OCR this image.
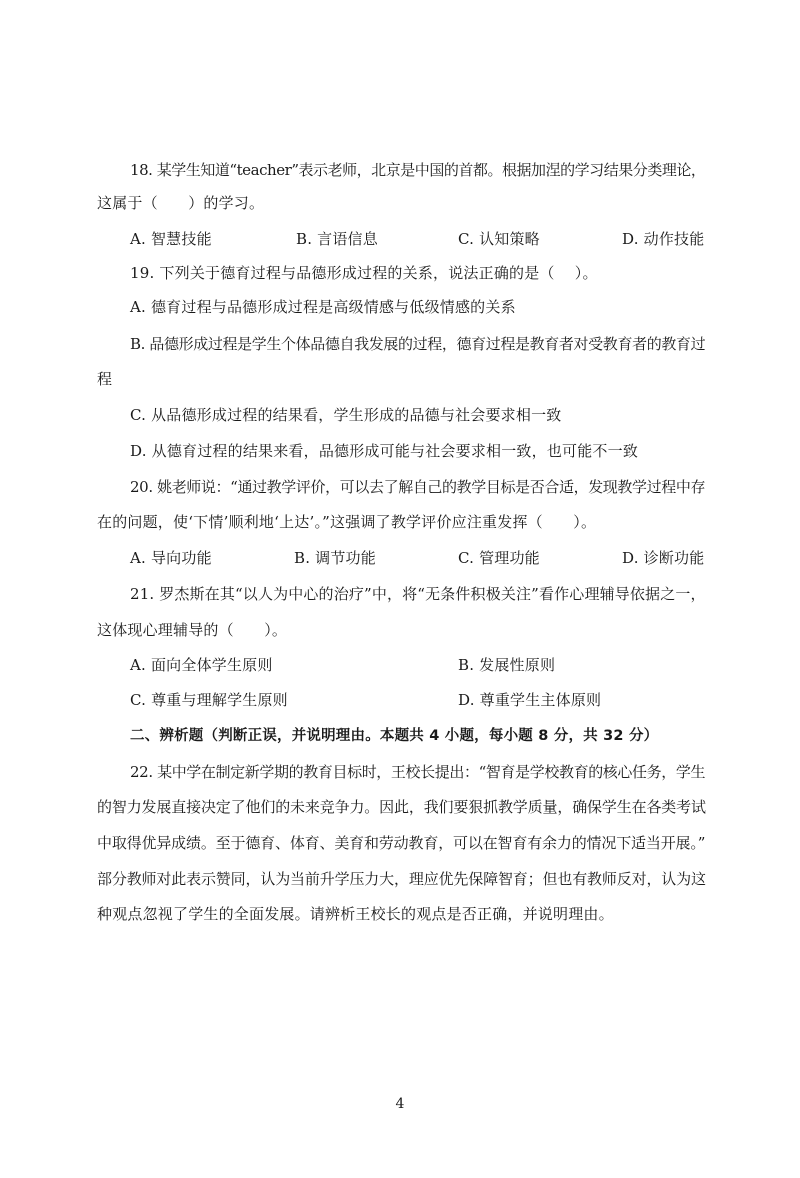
18. 某学生知道“teacher”表示老师，北京是中国的首都。根据加涅的学习结果分类理论，
这属于（　　）的学习。
A. 智慧技能	B. 言语信息	C. 认知策略	D. 动作技能
19. 下列关于德育过程与品德形成过程的关系，说法正确的是（ 　）。
A. 德育过程与品德形成过程是高级情感与低级情感的关系
B. 品德形成过程是学生个体品德自我发展的过程，德育过程是教育者对受教育者的教育过
程
C. 从品德形成过程的结果看，学生形成的品德与社会要求相一致
D. 从德育过程的结果来看，品德形成可能与社会要求相一致，也可能不一致
20. 姚老师说：“通过教学评价，可以去了解自己的教学目标是否合适，发现教学过程中存
在的问题，使‘下情’顺利地‘上达’。”这强调了教学评价应注重发挥（　　）。
A. 导向功能	B. 调节功能	C. 管理功能	D. 诊断功能
21. 罗杰斯在其“以人为中心的治疗”中，将“无条件积极关注”看作心理辅导依据之一，
这体现心理辅导的（　　）。
A. 面向全体学生原则	B. 发展性原则
C. 尊重与理解学生原则	D. 尊重学生主体原则
二、辨析题（判断正误，并说明理由。本题共 4 小题，每小题 8 分，共 32 分）
22. 某中学在制定新学期的教育目标时，王校长提出：“智育是学校教育的核心任务，学生
的智力发展直接决定了他们的未来竞争力。因此，我们要狠抓教学质量，确保学生在各类考试
中取得优异成绩。至于德育、体育、美育和劳动教育，可以在智育有余力的情况下适当开展。”
部分教师对此表示赞同，认为当前升学压力大，理应优先保障智育；但也有教师反对，认为这
种观点忽视了学生的全面发展。请辨析王校长的观点是否正确，并说明理由。
4
